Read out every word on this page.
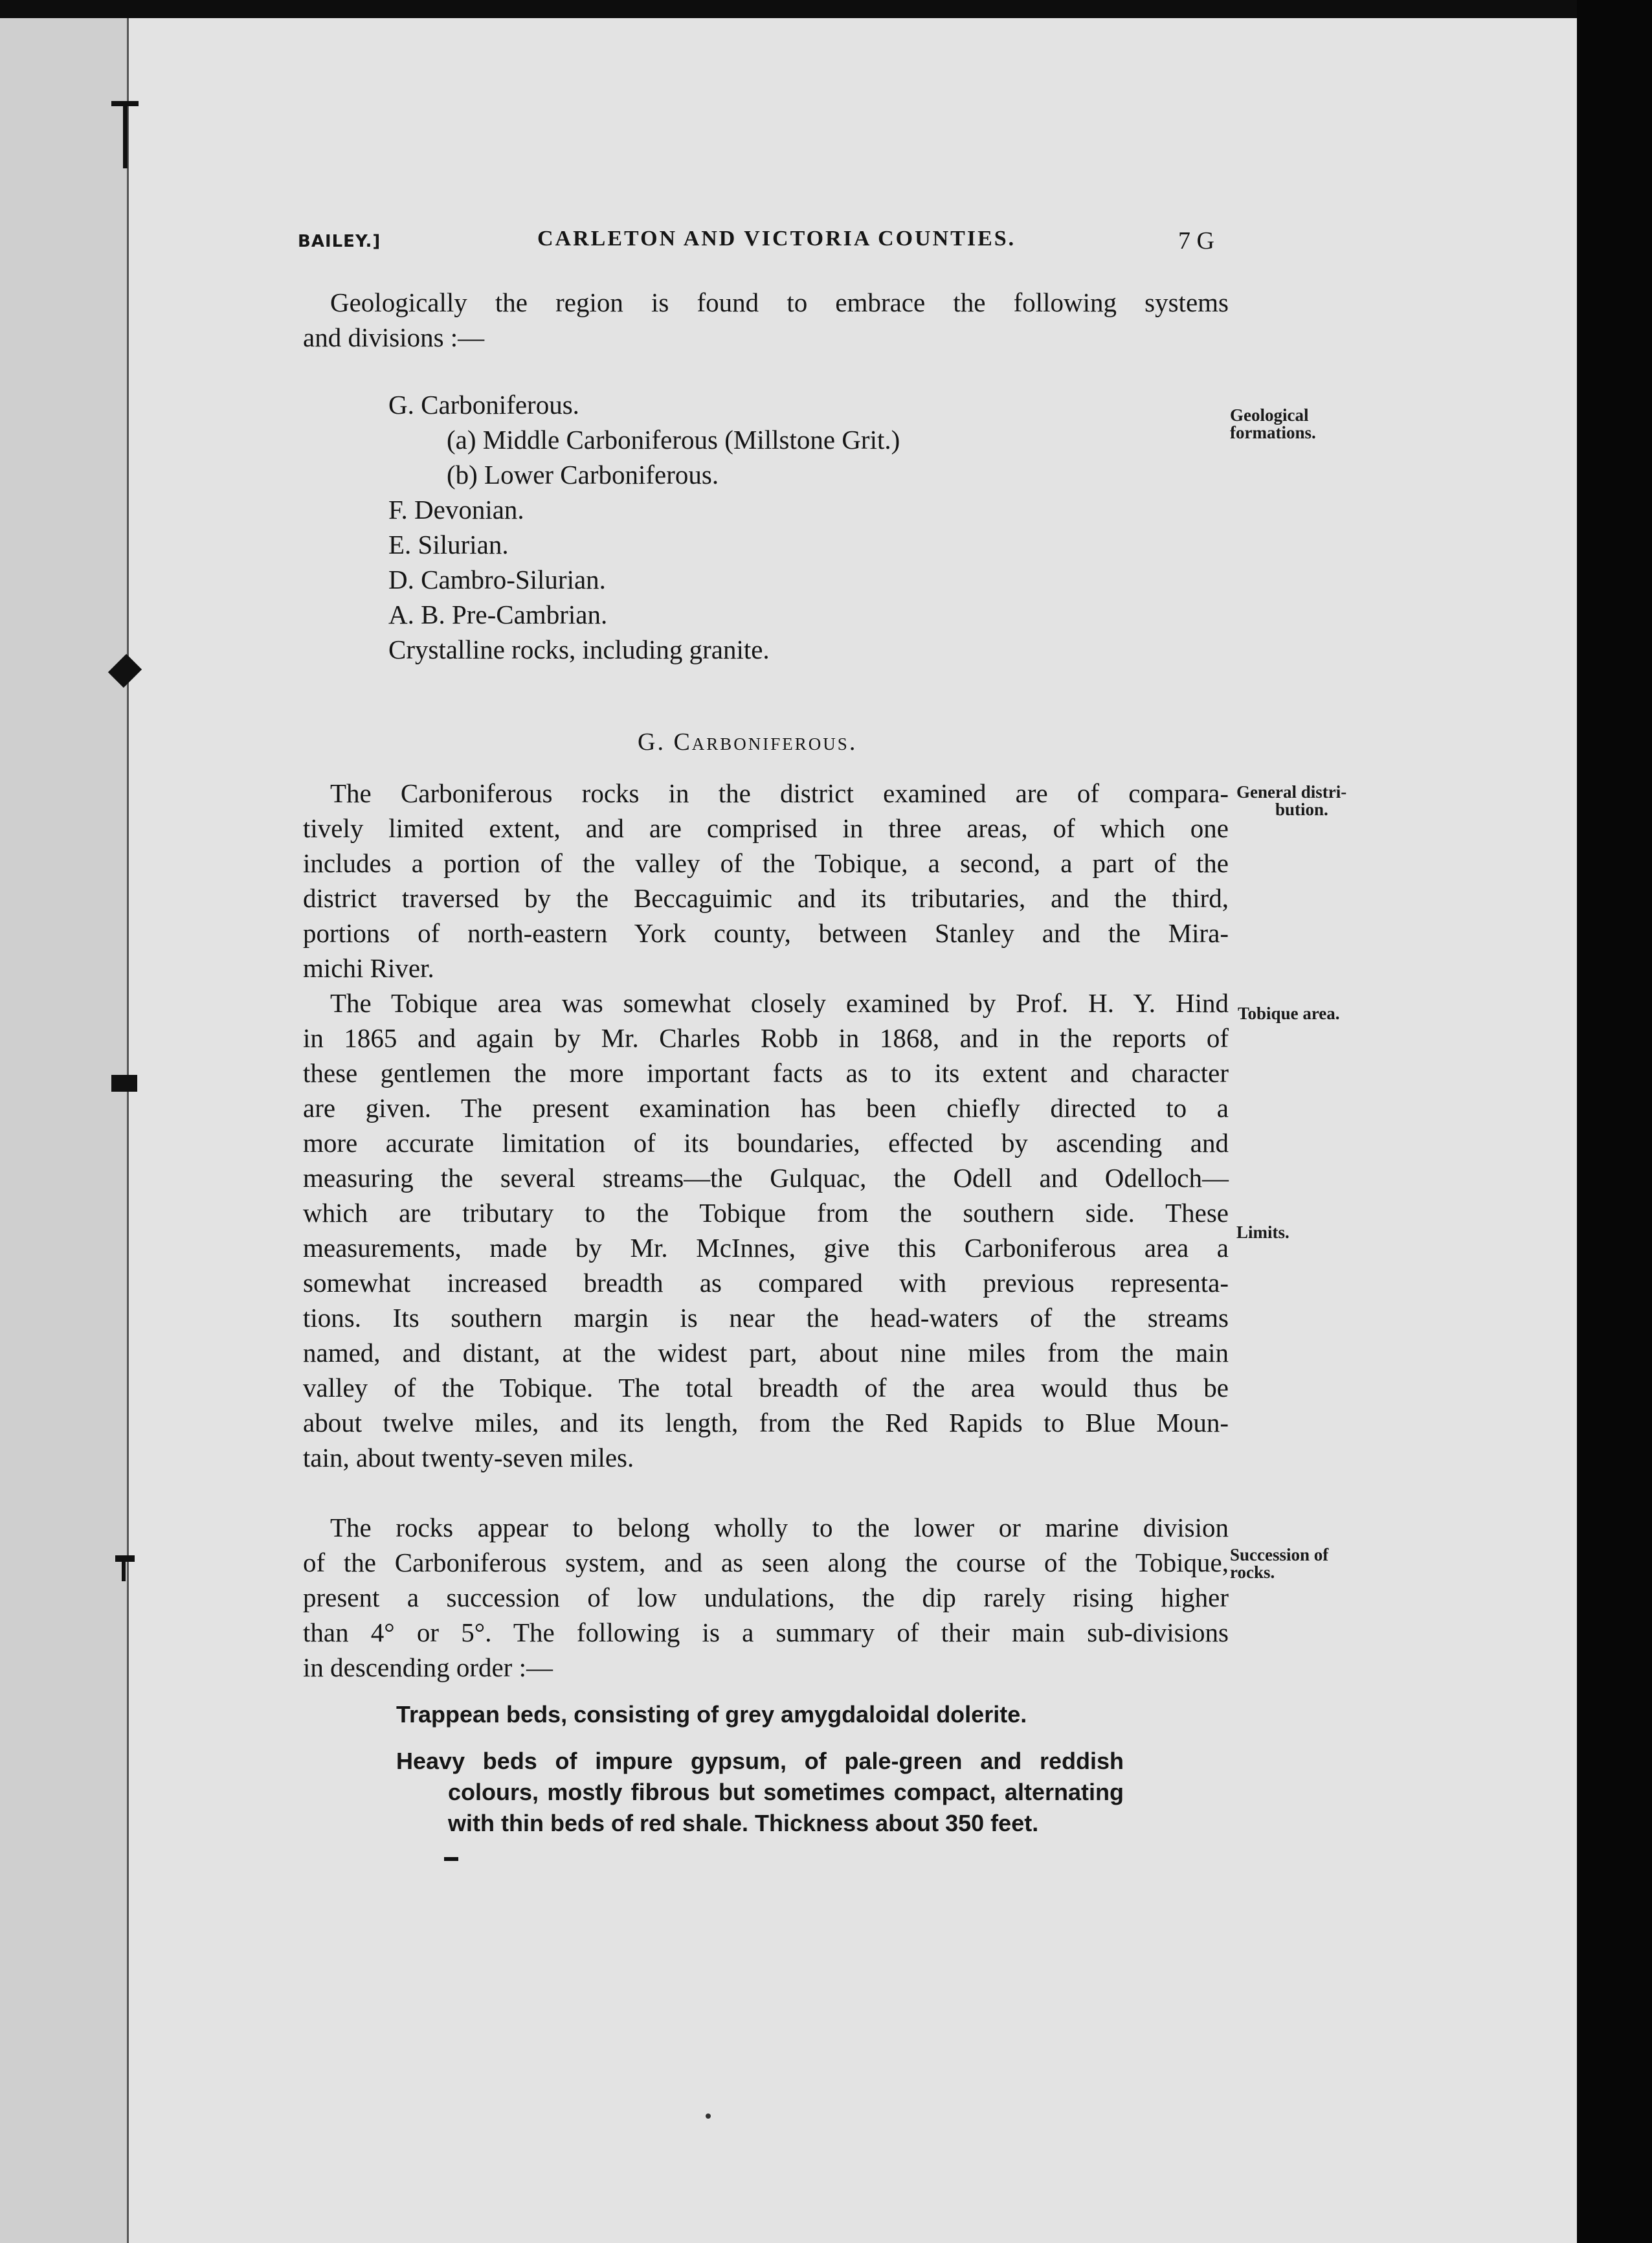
BAILEY.]	CARLETON AND VICTORIA COUNTIES.	7 G
Geologically the region is found to embrace the following systems
and divisions :—
G. Carboniferous.
(a) Middle Carboniferous (Millstone Grit.)
(b) Lower Carboniferous.
F. Devonian.
E. Silurian.
D. Cambro-Silurian.
A. B. Pre-Cambrian.
Crystalline rocks, including granite.
Geological
formations.
General distri-
bution.
Tobique area.
Limits.
Succession of
rocks.
G. Carboniferous.
The Carboniferous rocks in the district examined are of compara-
tively limited extent, and are comprised in three areas, of which one
includes a portion of the valley of the Tobique, a second, a part of the
district traversed by the Beccaguimic and its tributaries, and the third,
portions of north-eastern York county, between Stanley and the Mira-
michi River.
The Tobique area was somewhat closely examined by Prof. H. Y. Hind
in 1865 and again by Mr. Charles Robb in 1868, and in the reports of
these gentlemen the more important facts as to its extent and character
are given. The present examination has been chiefly directed to a
more accurate limitation of its boundaries, effected by ascending and
measuring the several streams—the Gulquac, the Odell and Odelloch—
which are tributary to the Tobique from the southern side. These
measurements, made by Mr. McInnes, give this Carboniferous area a
somewhat increased breadth as compared with previous representa-
tions. Its southern margin is near the head-waters of the streams
named, and distant, at the widest part, about nine miles from the main
valley of the Tobique. The total breadth of the area would thus be
about twelve miles, and its length, from the Red Rapids to Blue Moun-
tain, about twenty-seven miles.
The rocks appear to belong wholly to the lower or marine division
of the Carboniferous system, and as seen along the course of the Tobique,
present a succession of low undulations, the dip rarely rising higher
than 4° or 5°. The following is a summary of their main sub-divisions
in descending order :—
Trappean beds, consisting of grey amygdaloidal dolerite.
Heavy beds of impure gypsum, of pale-green and reddish
colours, mostly fibrous but sometimes compact, alternating
with thin beds of red shale. Thickness about 350 feet.
